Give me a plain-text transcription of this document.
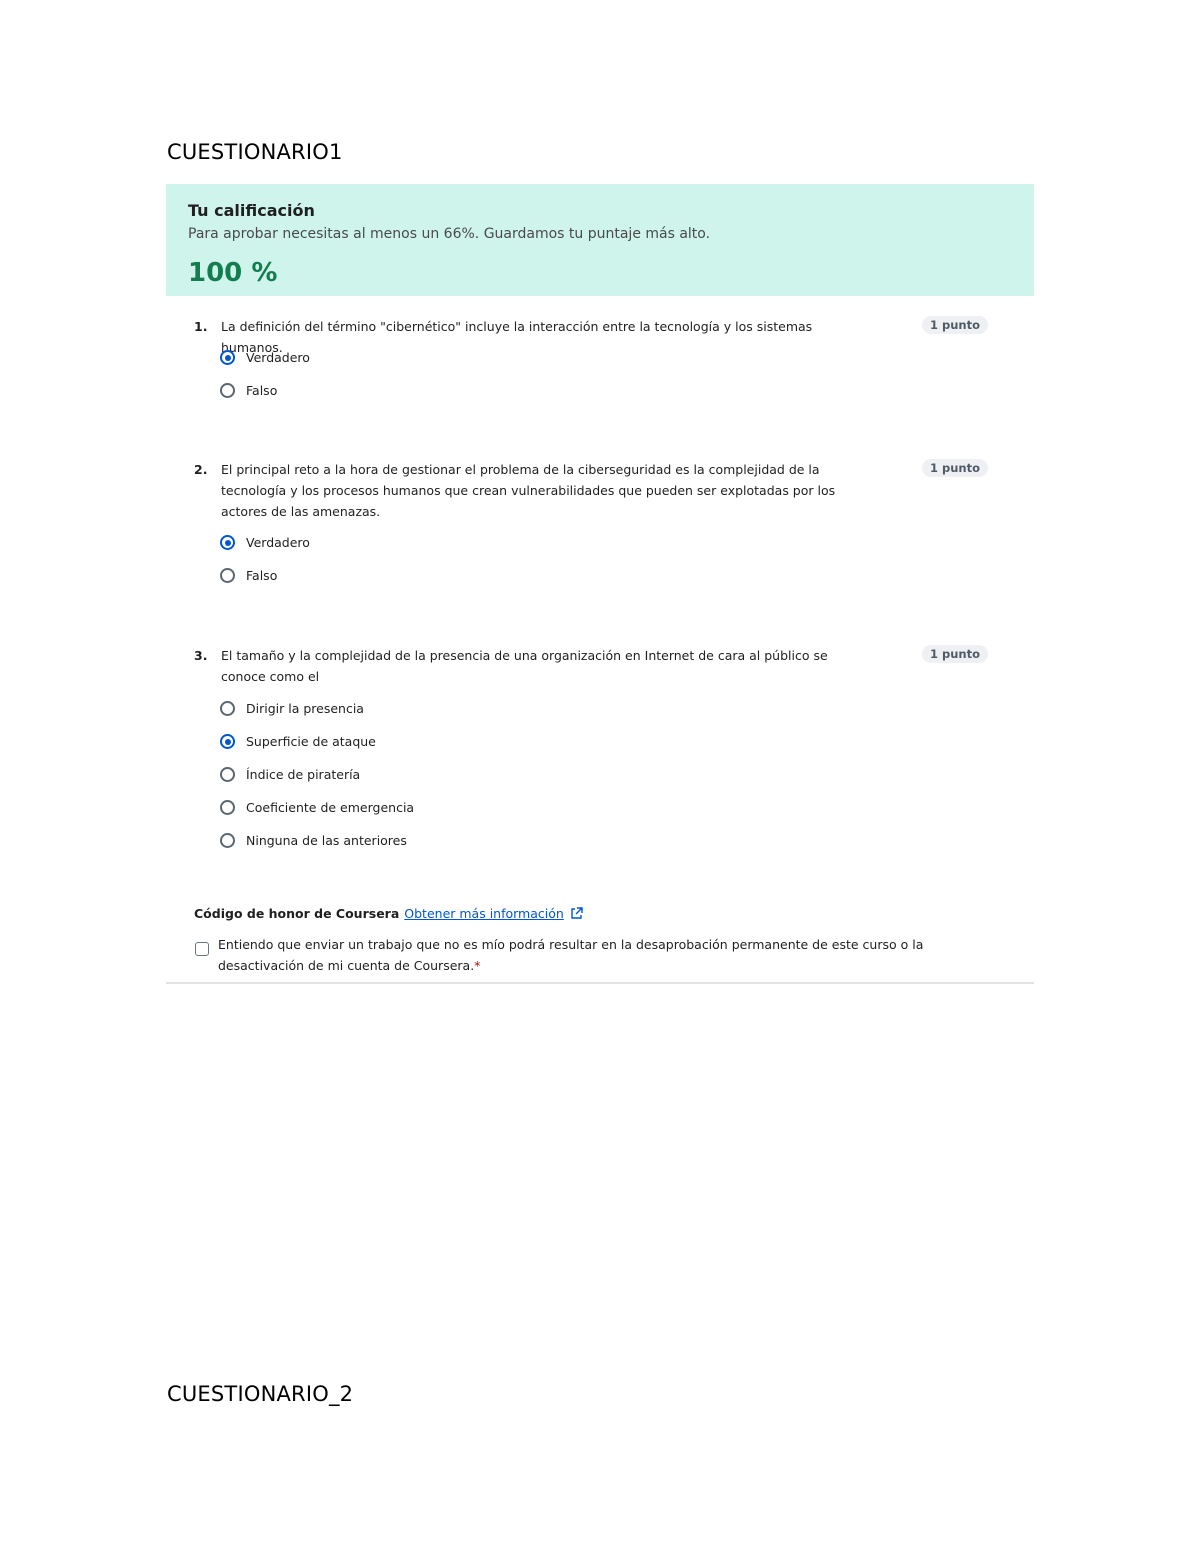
CUESTIONARIO1
Tu calificación
Para aprobar necesitas al menos un 66%. Guardamos tu puntaje más alto.
100 %
1. La definición del término "cibernético" incluye la interacción entre la tecnología y los sistemas humanos.
1 punto
Verdadero
Falso
2. El principal reto a la hora de gestionar el problema de la ciberseguridad es la complejidad de la tecnología y los procesos humanos que crean vulnerabilidades que pueden ser explotadas por los actores de las amenazas.
1 punto
Verdadero
Falso
3. El tamaño y la complejidad de la presencia de una organización en Internet de cara al público se conoce como el
1 punto
Dirigir la presencia
Superficie de ataque
Índice de piratería
Coeficiente de emergencia
Ninguna de las anteriores
Código de honor de Coursera Obtener más información
Entiendo que enviar un trabajo que no es mío podrá resultar en la desaprobación permanente de este curso o la desactivación de mi cuenta de Coursera.*
CUESTIONARIO_2
